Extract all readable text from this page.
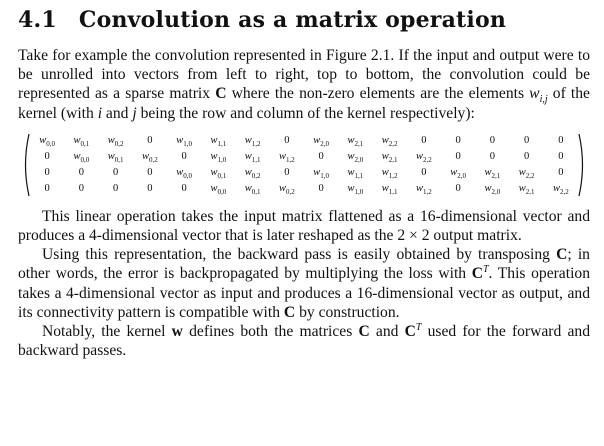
4.1 Convolution as a matrix operation

Take for example the convolution represented in Figure 2.1. If the input and output were to be unrolled into vectors from left to right, top to bottom, the convolution could be represented as a sparse matrix C where the non-zero elements are the elements $w_{i,j}$ of the kernel (with i and j being the row and column of the kernel respectively):

$w_{0,0}$ $w_{0,1}$ $w_{0,2}$ 0 $w_{1,0}$ $w_{1,1}$ $w_{1,2}$ 0 $w_{2,0}$ $w_{2,1}$ $w_{2,2}$ 0	0	0	0	0
0 $w_{0,0}$ $w_{0,1}$ $w_{0,2}$ 0 $w_{1,0}$ $w_{1,1}$ $w_{1,2}$ 0 $w_{2,0}$ $w_{2,1}$ $w_{2,2}$ 0	0	0	0
0	0	0	0 $w_{0,0}$ $w_{0,1}$ $w_{0,2}$ 0 $w_{1,0}$ $w_{1,1}$ $w_{1,2}$ 0 $w_{2,0}$ $w_{2,1}$ $w_{2,2}$ 0
0	0	0	0	0 $w_{0,0}$ $w_{0,1}$ $w_{0,2}$ 0 $w_{1,0}$ $w_{1,1}$ $w_{1,2}$ 0 $w_{2,0}$ $w_{2,1}$ $w_{2,2}$

This linear operation takes the input matrix flattened as a 16-dimensional vector and produces a 4-dimensional vector that is later reshaped as the 2 × 2 output matrix.

Using this representation, the backward pass is easily obtained by transposing C; in other words, the error is backpropagated by multiplying the loss with $C^T$. This operation takes a 4-dimensional vector as input and produces a 16-dimensional vector as output, and its connectivity pattern is compatible with C by construction.

Notably, the kernel w defines both the matrices C and $C^T$ used for the forward and backward passes.
